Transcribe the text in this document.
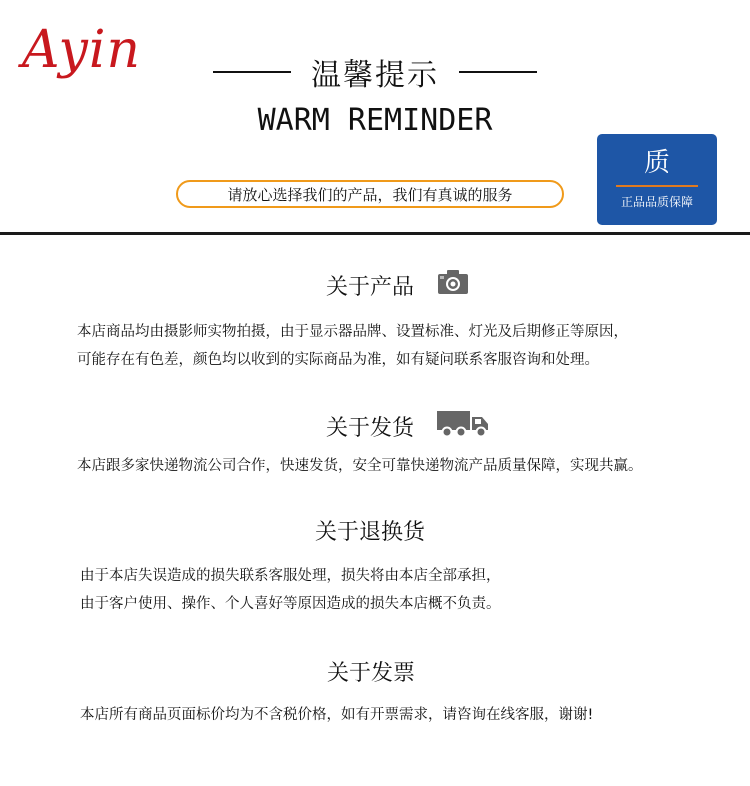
Ayin	温馨提示
WARM REMINDER
请放心选择我们的产品，我们有真诚的服务
质
正品品质保障
关于产品
本店商品均由摄影师实物拍摄，由于显示器品牌、设置标准、灯光及后期修正等原因，
可能存在有色差，颜色均以收到的实际商品为准，如有疑问联系客服咨询和处理。
关于发货
本店跟多家快递物流公司合作，快速发货，安全可靠快递物流产品质量保障，实现共赢。
关于退换货
由于本店失误造成的损失联系客服处理，损失将由本店全部承担，
由于客户使用、操作、个人喜好等原因造成的损失本店概不负责。
关于发票
本店所有商品页面标价均为不含税价格，如有开票需求，请咨询在线客服，谢谢!
